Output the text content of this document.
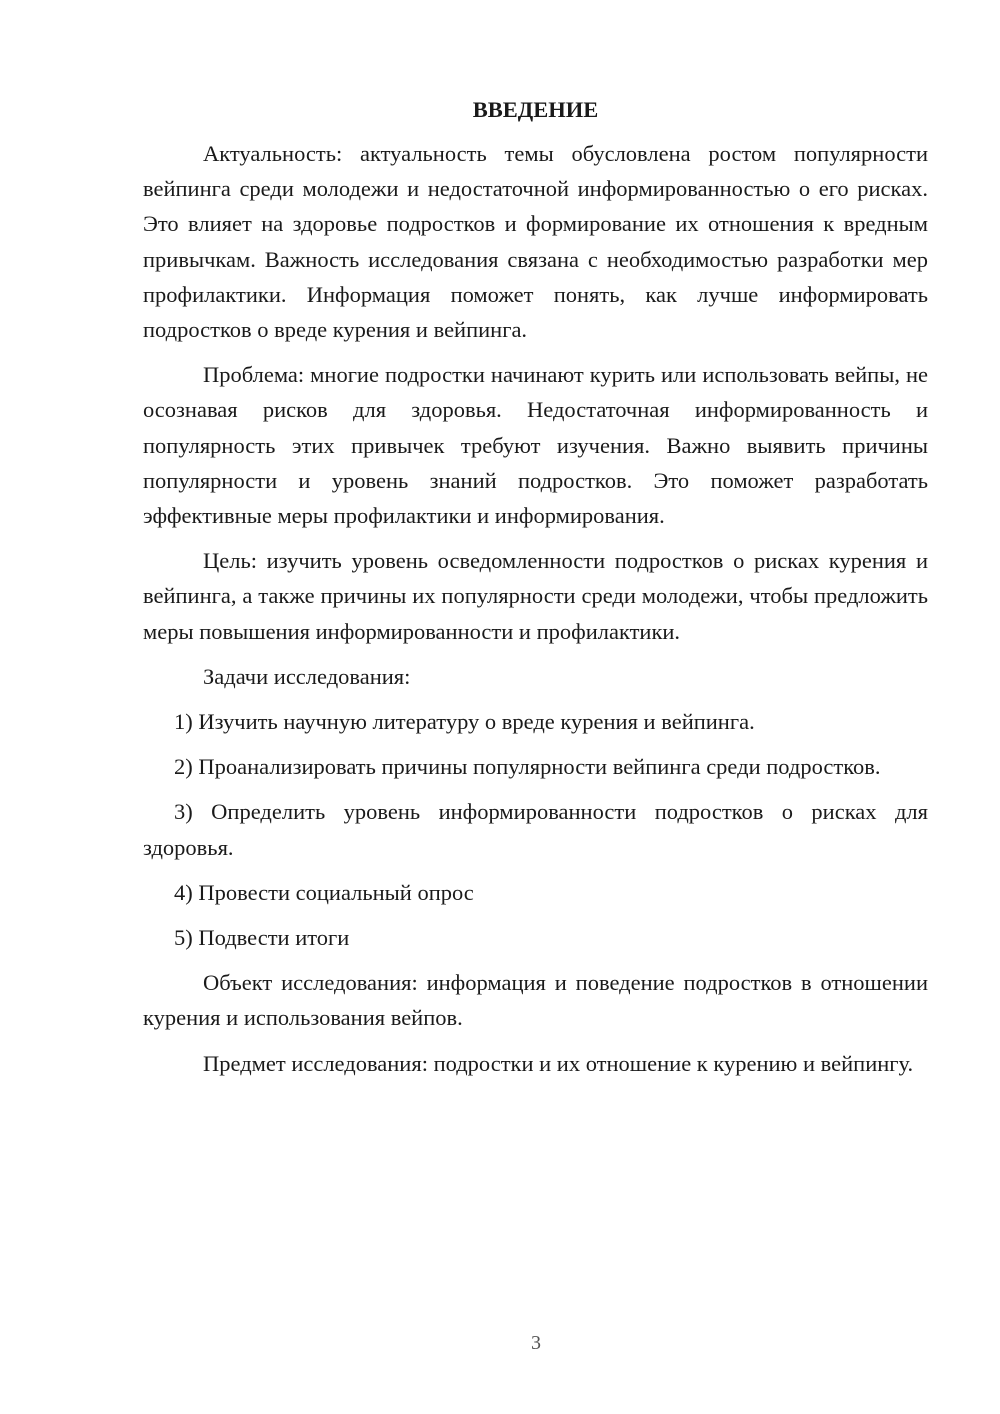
ВВЕДЕНИЕ

Актуальность: актуальность темы обусловлена ростом популярности вейпинга среди молодежи и недостаточной информированностью о его рисках. Это влияет на здоровье подростков и формирование их отношения к вредным привычкам. Важность исследования связана с необходимостью разработки мер профилактики. Информация поможет понять, как лучше информировать подростков о вреде курения и вейпинга.

Проблема: многие подростки начинают курить или использовать вейпы, не осознавая рисков для здоровья. Недостаточная информированность и популярность этих привычек требуют изучения. Важно выявить причины популярности и уровень знаний подростков. Это поможет разработать эффективные меры профилактики и информирования.

Цель: изучить уровень осведомленности подростков о рисках курения и вейпинга, а также причины их популярности среди молодежи, чтобы предложить меры повышения информированности и профилактики.

Задачи исследования:

1) Изучить научную литературу о вреде курения и вейпинга.

2) Проанализировать причины популярности вейпинга среди подростков.

3) Определить уровень информированности подростков о рисках для здоровья.

4) Провести социальный опрос

5) Подвести итоги

Объект исследования: информация и поведение подростков в отношении курения и использования вейпов.

Предмет исследования: подростки и их отношение к курению и вейпингу.

3
